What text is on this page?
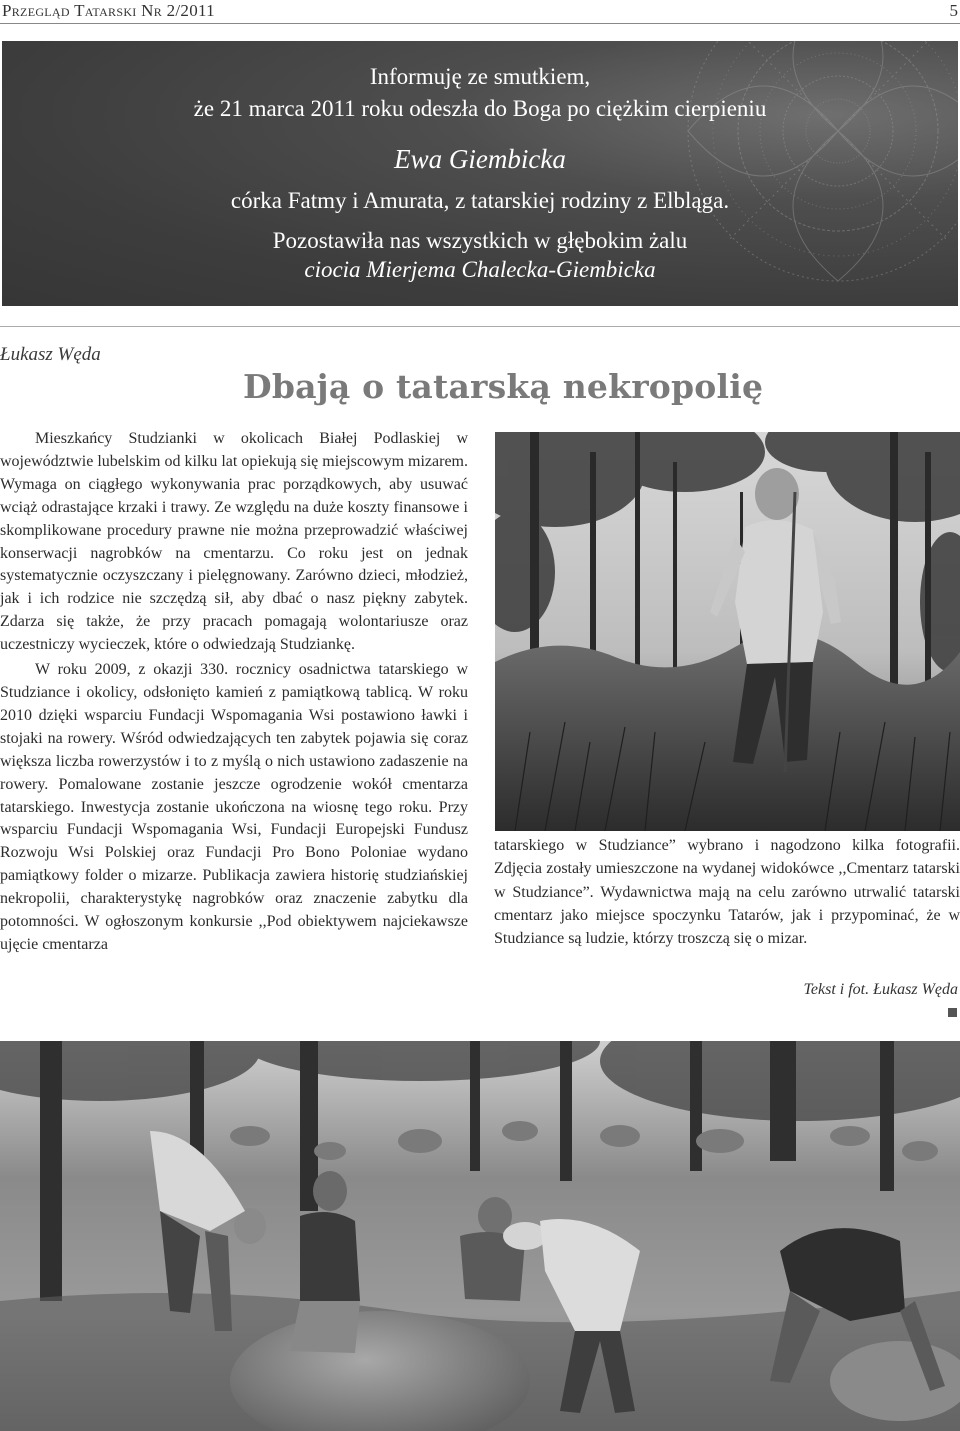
Przegląd Tatarski Nr 2/2011	5
Informuję ze smutkiem,
że 21 marca 2011 roku odeszła do Boga po ciężkim cierpieniu
Ewa Giembicka
córka Fatmy i Amurata, z tatarskiej rodziny z Elbląga.
Pozostawiła nas wszystkich w głębokim żalu
ciocia Mierjema Chalecka-Giembicka
Łukasz Węda
Dbają o tatarską nekropolię

Mieszkańcy Studzianki w okolicach Białej Podlaskiej w województwie lubelskim od kilku lat opiekują się miejscowym mizarem. Wymaga on ciągłego wykonywania prac porządkowych, aby usuwać wciąż odrastające krzaki i trawy. Ze względu na duże koszty finansowe i skomplikowane procedury prawne nie można przeprowadzić właściwej konserwacji nagrobków na cmentarzu. Co roku jest on jednak systematycznie oczyszczany i pielęgnowany. Zarówno dzieci, młodzież, jak i ich rodzice nie szczędzą sił, aby dbać o nasz piękny zabytek. Zdarza się także, że przy pracach pomagają wolontariusze oraz uczestniczy wycieczek, które o odwiedzają Studziankę.

W roku 2009, z okazji 330. rocznicy osadnictwa tatarskiego w Studziance i okolicy, odsłonięto kamień z pamiątkową tablicą. W roku 2010 dzięki wsparciu Fundacji Wspomagania Wsi postawiono ławki i stojaki na rowery. Wśród odwiedzających ten zabytek pojawia się coraz większa liczba rowerzystów i to z myślą o nich ustawiono zadaszenie na rowery. Pomalowane zostanie jeszcze ogrodzenie wokół cmentarza tatarskiego. Inwestycja zostanie ukończona na wiosnę tego roku. Przy wsparciu Fundacji Wspomagania Wsi, Fundacji Europejski Fundusz Rozwoju Wsi Polskiej oraz Fundacji Pro Bono Poloniae wydano pamiątkowy folder o mizarze. Publikacja zawiera historię studziańskiej nekropolii, charakterystykę nagrobków oraz znaczenie zabytku dla potomności. W ogłoszonym konkursie ,,Pod obiektywem najciekawsze ujęcie cmentarza

tatarskiego w Studziance” wybrano i nagodzono kilka fotografii. Zdjęcia zostały umieszczone na wydanej widokówce ,,Cmentarz tatarski w Studziance”. Wydawnictwa mają na celu zarówno utrwalić tatarski cmentarz jako miejsce spoczynku Tatarów, jak i przypominać, że w Studziance są ludzie, którzy troszczą się o mizar.

Tekst i fot. Łukasz Węda
